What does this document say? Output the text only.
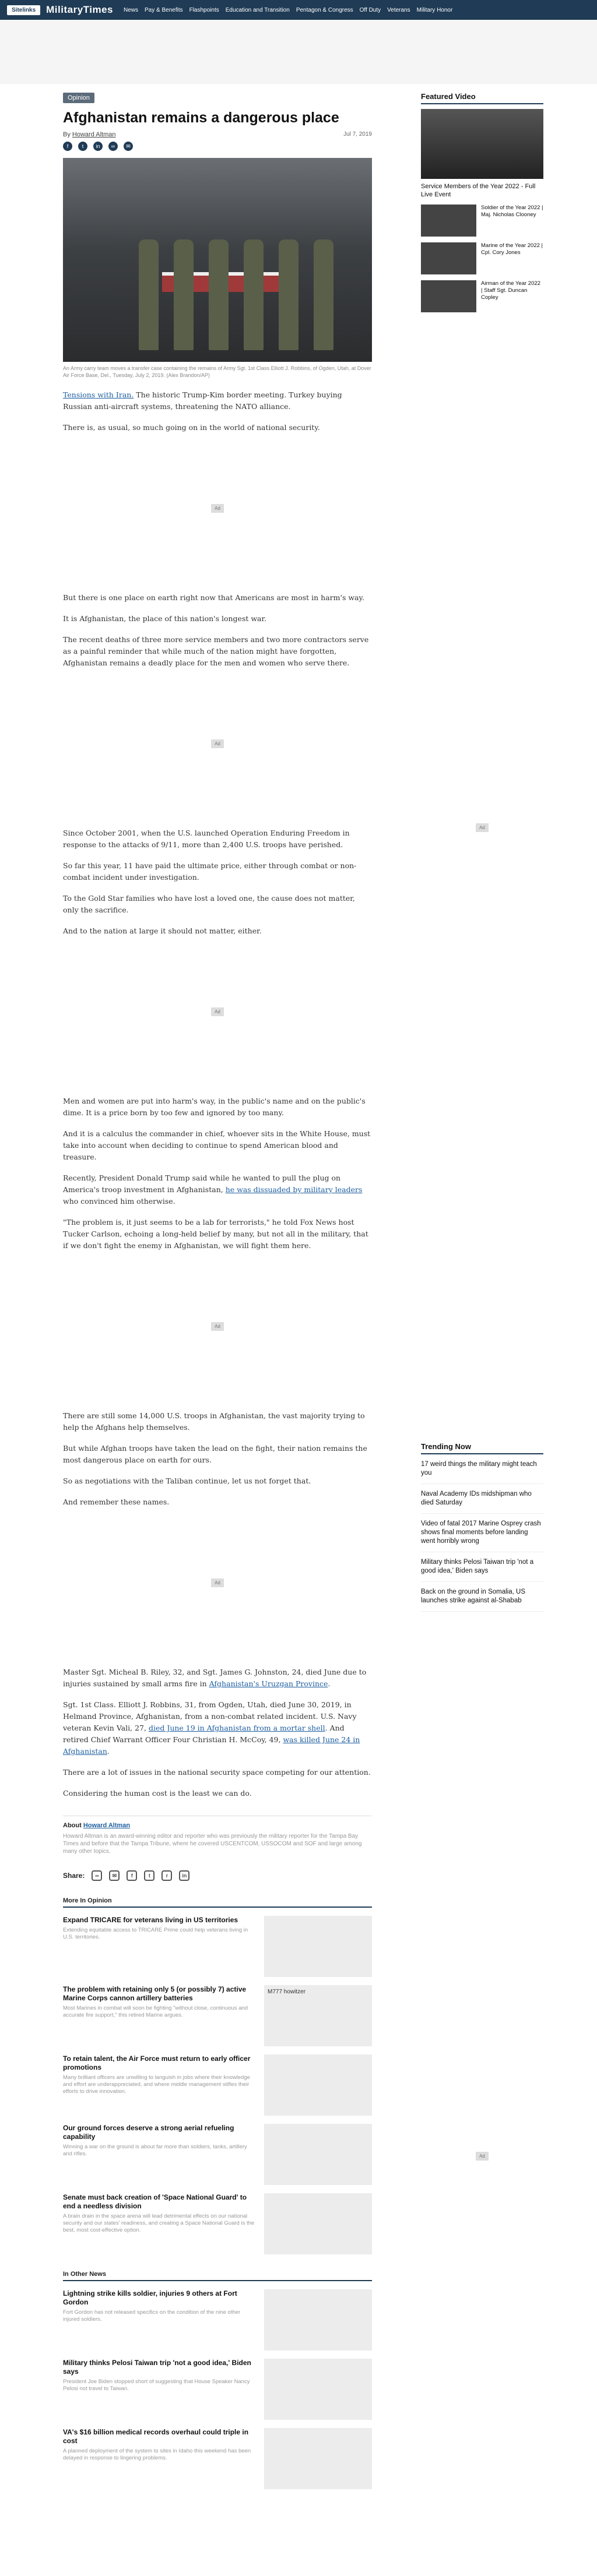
Sitelinks	MilitaryTimes News Pay & Benefits Flashpoints Education and Transition Pentagon & Congress Off Duty Veterans Military Honor
Opinion
Afghanistan remains a dangerous place
By Howard Altman	Jul 7, 2019
f	t	in	∞	✉

An Army carry team moves a transfer case containing the remains of Army Sgt. 1st Class Elliott J. Robbins, of Ogden, Utah, at Dover Air Force Base, Del., Tuesday, July 2, 2019. (Alex Brandon/AP)

Tensions with Iran. The historic Trump-Kim border meeting. Turkey buying Russian anti-aircraft systems, threatening the NATO alliance.

There is, as usual, so much going on in the world of national security.

Ad

But there is one place on earth right now that Americans are most in harm's way.

It is Afghanistan, the place of this nation's longest war.

The recent deaths of three more service members and two more contractors serve as a painful reminder that while much of the nation might have forgotten, Afghanistan remains a deadly place for the men and women who serve there.

Ad

Since October 2001, when the U.S. launched Operation Enduring Freedom in response to the attacks of 9/11, more than 2,400 U.S. troops have perished.

So far this year, 11 have paid the ultimate price, either through combat or non-combat incident under investigation.

To the Gold Star families who have lost a loved one, the cause does not matter, only the sacrifice.

And to the nation at large it should not matter, either.

Ad

Men and women are put into harm's way, in the public's name and on the public's dime. It is a price born by too few and ignored by too many.

And it is a calculus the commander in chief, whoever sits in the White House, must take into account when deciding to continue to spend American blood and treasure.

Recently, President Donald Trump said while he wanted to pull the plug on America's troop investment in Afghanistan, he was dissuaded by military leaders who convinced him otherwise.

"The problem is, it just seems to be a lab for terrorists," he told Fox News host Tucker Carlson, echoing a long-held belief by many, but not all in the military, that if we don't fight the enemy in Afghanistan, we will fight them here.

Ad

There are still some 14,000 U.S. troops in Afghanistan, the vast majority trying to help the Afghans help themselves.

But while Afghan troops have taken the lead on the fight, their nation remains the most dangerous place on earth for ours.

So as negotiations with the Taliban continue, let us not forget that.

And remember these names.

Ad

Master Sgt. Micheal B. Riley, 32, and Sgt. James G. Johnston, 24, died June due to injuries sustained by small arms fire in Afghanistan's Uruzgan Province.

Sgt. 1st Class. Elliott J. Robbins, 31, from Ogden, Utah, died June 30, 2019, in Helmand Province, Afghanistan, from a non-combat related incident. U.S. Navy veteran Kevin Vali, 27, died June 19 in Afghanistan from a mortar shell. And retired Chief Warrant Officer Four Christian H. McCoy, 49, was killed June 24 in Afghanistan.

There are a lot of issues in the national security space competing for our attention.

Considering the human cost is the least we can do.

About Howard Altman
Howard Altman is an award-winning editor and reporter who was previously the military reporter for the Tampa Bay Times and before that the Tampa Tribune, where he covered USCENTCOM, USSOCOM and SOF and large among many other topics.
Share:	∞	✉	f	t	r	in
More In Opinion
Expand TRICARE for veterans living in US territories
Extending equitable access to TRICARE Prime could help veterans living in U.S. territories.
The problem with retaining only 5 (or possibly 7) active Marine Corps cannon artillery batteries
Most Marines in combat will soon be fighting "without close, continuous and accurate fire support," this retired Marine argues.
M777 howitzer
To retain talent, the Air Force must return to early officer promotions
Many brilliant officers are unwilling to languish in jobs where their knowledge and effort are underappreciated, and where middle management stifles their efforts to drive innovation.
Our ground forces deserve a strong aerial refueling capability
Winning a war on the ground is about far more than soldiers, tanks, artillery and rifles.
Senate must back creation of 'Space National Guard' to end a needless division
A brain drain in the space arena will lead detrimental effects on our national security and our states' readiness, and creating a Space National Guard is the best, most cost-effective option.
In Other News
Lightning strike kills soldier, injuries 9 others at Fort Gordon
Fort Gordon has not released specifics on the condition of the nine other injured soldiers.
Military thinks Pelosi Taiwan trip 'not a good idea,' Biden says
President Joe Biden stopped short of suggesting that House Speaker Nancy Pelosi not travel to Taiwan.
VA's $16 billion medical records overhaul could triple in cost
A planned deployment of the system to sites in Idaho this weekend has been delayed in response to lingering problems.
Featured Video
Service Members of the Year 2022 - Full Live Event
Soldier of the Year 2022 | Maj. Nicholas Clooney
Marine of the Year 2022 | Cpl. Cory Jones
Airman of the Year 2022 | Staff Sgt. Duncan Copley
Ad
Trending Now
17 weird things the military might teach you
Naval Academy IDs midshipman who died Saturday
Video of fatal 2017 Marine Osprey crash shows final moments before landing went horribly wrong
Military thinks Pelosi Taiwan trip 'not a good idea,' Biden says
Back on the ground in Somalia, US launches strike against al-Shabab
Ad
